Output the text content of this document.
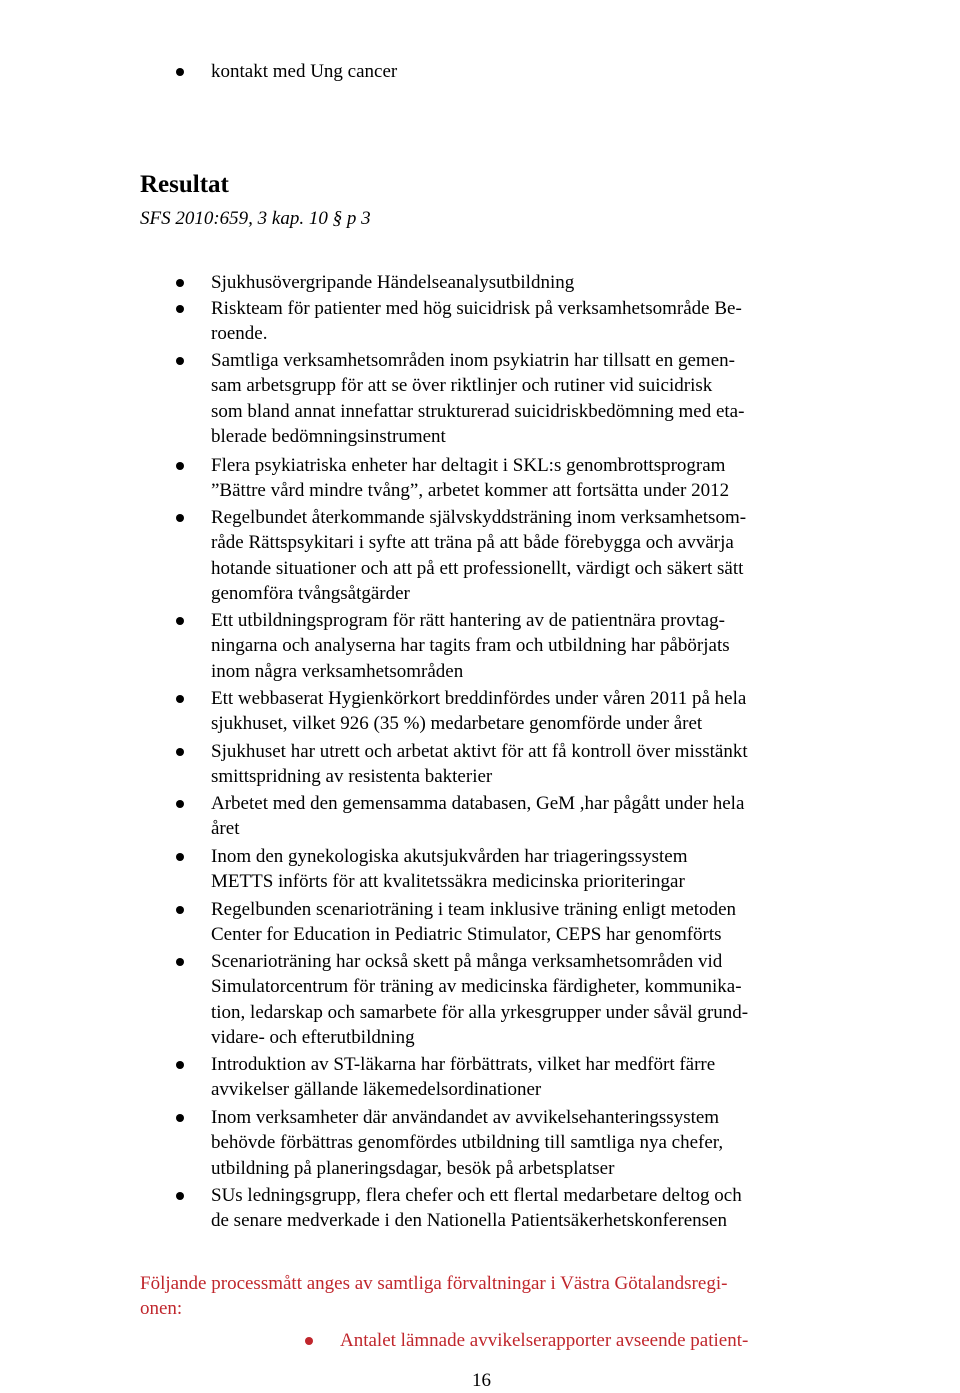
kontakt med Ung cancer
Resultat
SFS 2010:659, 3 kap. 10 § p 3
Sjukhusövergripande Händelseanalysutbildning
Riskteam för patienter med hög suicidrisk på verksamhetsområde Be-
roende.
Samtliga verksamhetsområden inom psykiatrin har tillsatt en gemen-
sam arbetsgrupp för att se över riktlinjer och rutiner vid suicidrisk
som bland annat innefattar strukturerad suicidriskbedömning med eta-
blerade bedömningsinstrument
Flera psykiatriska enheter har deltagit i SKL:s genombrottsprogram
”Bättre vård mindre tvång”, arbetet kommer att fortsätta under 2012
Regelbundet återkommande självskyddsträning inom verksamhetsom-
råde Rättspsykitari i syfte att träna på att både förebygga och avvärja
hotande situationer och att på ett professionellt, värdigt och säkert sätt
genomföra tvångsåtgärder
Ett utbildningsprogram för rätt hantering av de patientnära provtag-
ningarna och analyserna har tagits fram och utbildning har påbörjats
inom några verksamhetsområden
Ett webbaserat Hygienkörkort breddinfördes under våren 2011 på hela
sjukhuset, vilket 926 (35 %) medarbetare genomförde under året
Sjukhuset har utrett och arbetat aktivt för att få kontroll över misstänkt
smittspridning av resistenta bakterier
Arbetet med den gemensamma databasen, GeM ,har pågått under hela
året
Inom den gynekologiska akutsjukvården har triageringssystem
METTS införts för att kvalitetssäkra medicinska prioriteringar
Regelbunden scenarioträning i team inklusive träning enligt metoden
Center for Education in Pediatric Stimulator, CEPS har genomförts
Scenarioträning har också skett på många verksamhetsområden vid
Simulatorcentrum för träning av medicinska färdigheter, kommunika-
tion, ledarskap och samarbete för alla yrkesgrupper under såväl grund-
vidare- och efterutbildning
Introduktion av ST-läkarna har förbättrats, vilket har medfört färre
avvikelser gällande läkemedelsordinationer
Inom verksamheter där användandet av avvikelsehanteringssystem
behövde förbättras genomfördes utbildning till samtliga nya chefer,
utbildning på planeringsdagar, besök på arbetsplatser
SUs ledningsgrupp, flera chefer och ett flertal medarbetare deltog och
de senare medverkade i den Nationella Patientsäkerhetskonferensen
Följande processmått anges av samtliga förvaltningar i Västra Götalandsregi-
onen:
Antalet lämnade avvikelserapporter avseende patient-
16
